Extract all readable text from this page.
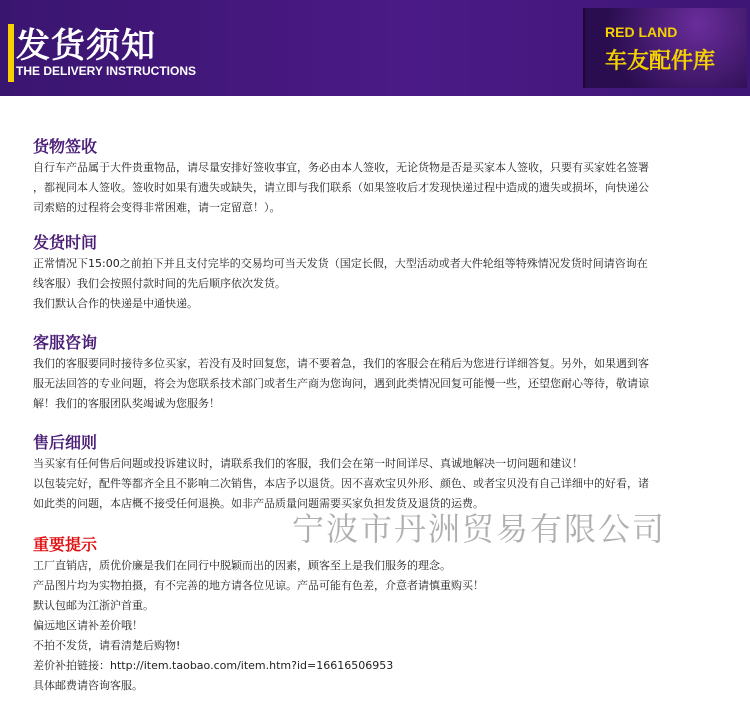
发货须知
THE DELIVERY INSTRUCTIONS
RED LAND
车友配件库
货物签收

自行车产品属于大件贵重物品，请尽量安排好签收事宜，务必由本人签收，无论货物是否是买家本人签收，只要有买家姓名签署

，都视同本人签收。签收时如果有遗失或缺失，请立即与我们联系（如果签收后才发现快递过程中造成的遗失或损坏，向快递公

司索赔的过程将会变得非常困难，请一定留意！）。

发货时间

正常情况下15:00之前拍下并且支付完毕的交易均可当天发货（国定长假，大型活动或者大件轮组等特殊情况发货时间请咨询在

线客服）我们会按照付款时间的先后顺序依次发货。

我们默认合作的快递是中通快递。

客服咨询

我们的客服要同时接待多位买家，若没有及时回复您，请不要着急，我们的客服会在稍后为您进行详细答复。另外，如果遇到客

服无法回答的专业问题，将会为您联系技术部门或者生产商为您询问，遇到此类情况回复可能慢一些，还望您耐心等待，敬请谅

解！我们的客服团队奖竭诚为您服务！

售后细则

当买家有任何售后问题或投诉建议时，请联系我们的客服，我们会在第一时间详尽、真诚地解决一切问题和建议！

以包装完好，配件等都齐全且不影响二次销售，本店予以退货。因不喜欢宝贝外形、颜色、或者宝贝没有自己详细中的好看，诸

如此类的问题，本店概不接受任何退换。如非产品质量问题需要买家负担发货及退货的运费。

重要提示

工厂直销店，质优价廉是我们在同行中脱颖而出的因素，顾客至上是我们服务的理念。

产品图片均为实物拍摄，有不完善的地方请各位见谅。产品可能有色差，介意者请慎重购买！

默认包邮为江浙沪首重。

偏远地区请补差价哦！

不拍不发货，请看清楚后购物!

差价补拍链接：http://item.taobao.com/item.htm?id=16616506953

具体邮费请咨询客服。

宁波市丹洲贸易有限公司
